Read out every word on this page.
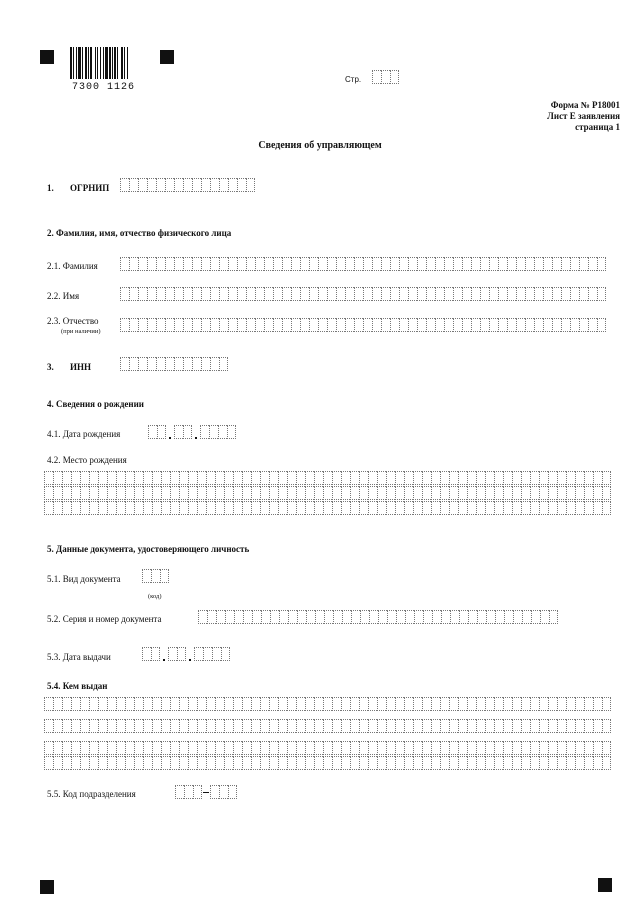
7300 1126
Стр.
Форма № Р18001
Лист Е заявления
страница 1
Сведения об управляющем
1. ОГРНИП
2. Фамилия, имя, отчество физического лица
2.1. Фамилия
2.2. Имя
2.3. Отчество
(при наличии)
3. ИНН
4. Сведения о рождении
4.1. Дата рождения
4.2. Место рождения
5. Данные документа, удостоверяющего личность
5.1. Вид документа
(код)
5.2. Серия и номер документа
5.3. Дата выдачи
5.4. Кем выдан
5.5. Код подразделения
